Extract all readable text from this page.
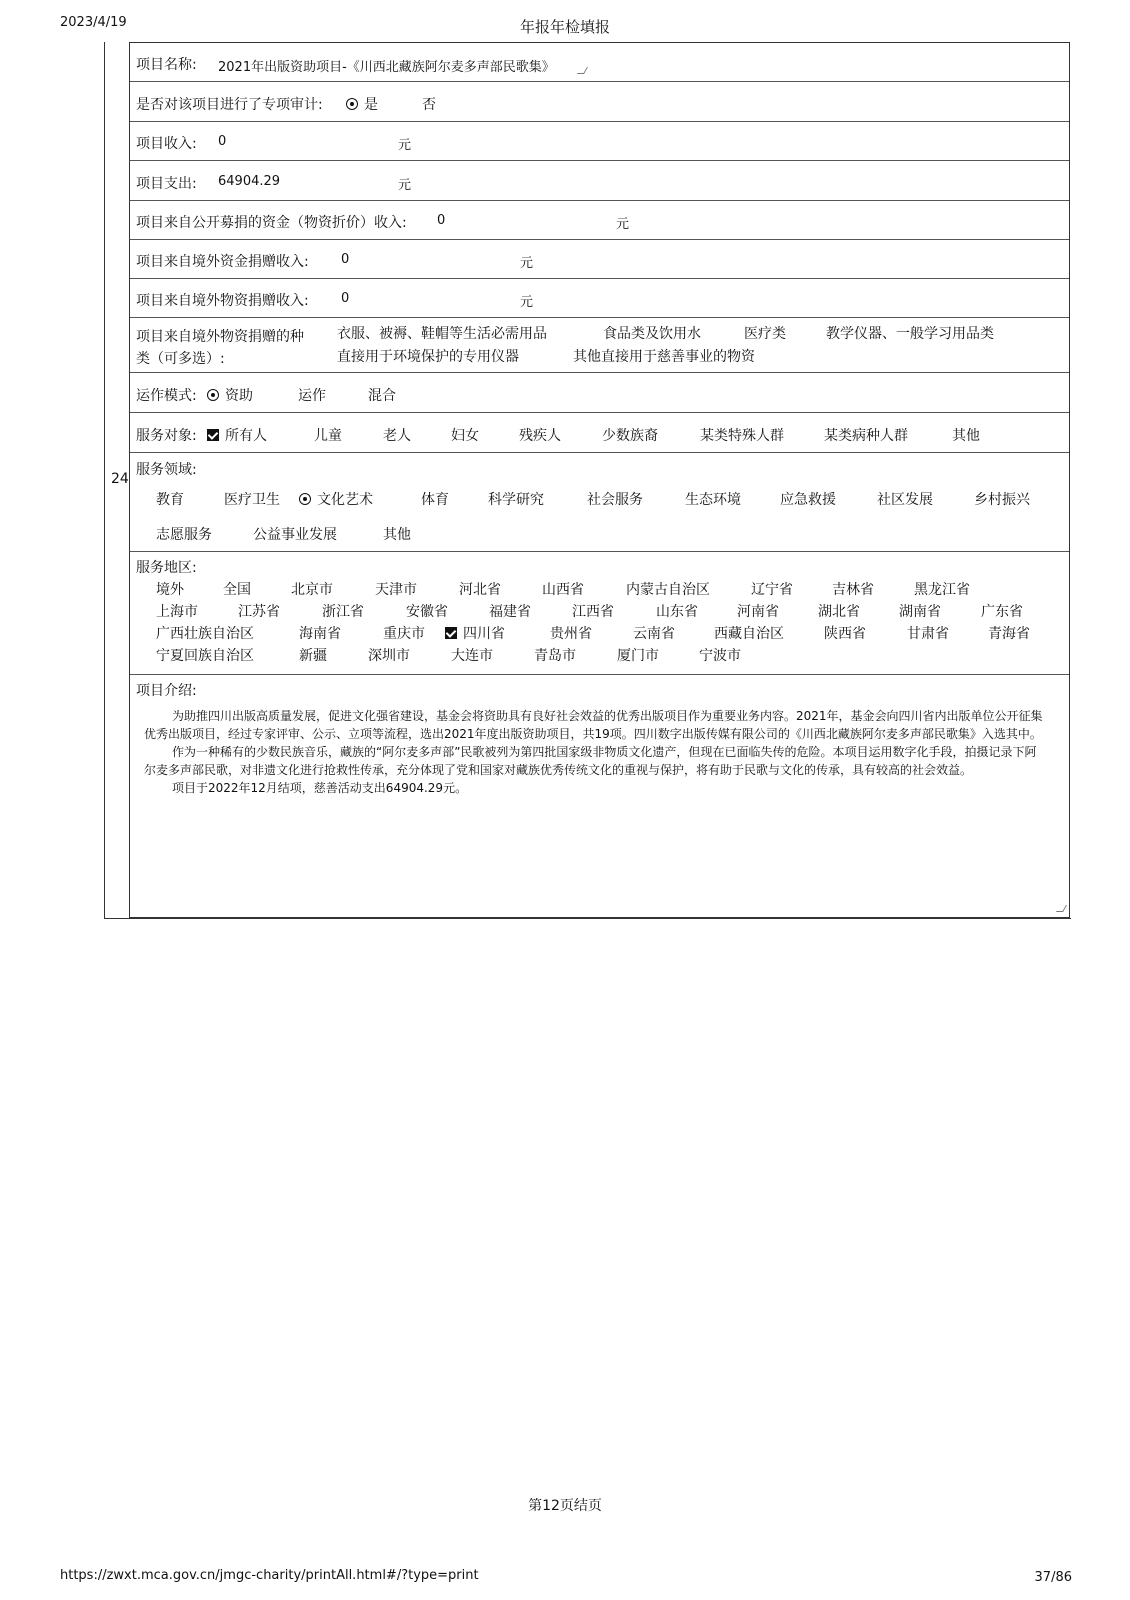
2023/4/19	年报年检填报
24
项目名称: 2021年出版资助项目-《川西北藏族阿尔麦多声部民歌集》
是否对该项目进行了专项审计:	是	否
项目收入: 0	元
项目支出: 64904.29	元
项目来自公开募捐的资金（物资折价）收入: 0	元
项目来自境外资金捐赠收入: 0	元
项目来自境外物资捐赠收入: 0	元
项目来自境外物资捐赠的种
类（可多选）:
衣服、被褥、鞋帽等生活必需用品	食品类及饮用水	医疗类	教学仪器、一般学习用品类
直接用于环境保护的专用仪器	其他直接用于慈善事业的物资
运作模式:	资助	运作	混合
服务对象:	所有人	儿童	老人	妇女	残疾人	少数族裔	某类特殊人群	某类病种人群	其他
服务领域:
教育	医疗卫生	文化艺术	体育	科学研究	社会服务	生态环境	应急救援	社区发展	乡村振兴
志愿服务	公益事业发展	其他
服务地区:
境外	全国	北京市	天津市	河北省	山西省	内蒙古自治区	辽宁省	吉林省	黑龙江省
上海市	江苏省	浙江省	安徽省	福建省	江西省	山东省	河南省	湖北省	湖南省	广东省
广西壮族自治区	海南省	重庆市	四川省	贵州省	云南省	西藏自治区	陕西省	甘肃省	青海省
宁夏回族自治区	新疆	深圳市	大连市	青岛市	厦门市	宁波市
项目介绍:

为助推四川出版高质量发展，促进文化强省建设，基金会将资助具有良好社会效益的优秀出版项目作为重要业务内容。2021年，基金会向四川省内出版单位公开征集优秀出版项目，经过专家评审、公示、立项等流程，选出2021年度出版资助项目，共19项。四川数字出版传媒有限公司的《川西北藏族阿尔麦多声部民歌集》入选其中。

作为一种稀有的少数民族音乐，藏族的“阿尔麦多声部”民歌被列为第四批国家级非物质文化遗产，但现在已面临失传的危险。本项目运用数字化手段，拍摄记录下阿尔麦多声部民歌，对非遗文化进行抢救性传承，充分体现了党和国家对藏族优秀传统文化的重视与保护，将有助于民歌与文化的传承，具有较高的社会效益。

项目于2022年12月结项，慈善活动支出64904.29元。

第12页结页
https://zwxt.mca.gov.cn/jmgc-charity/printAll.html#/?type=print	37/86
